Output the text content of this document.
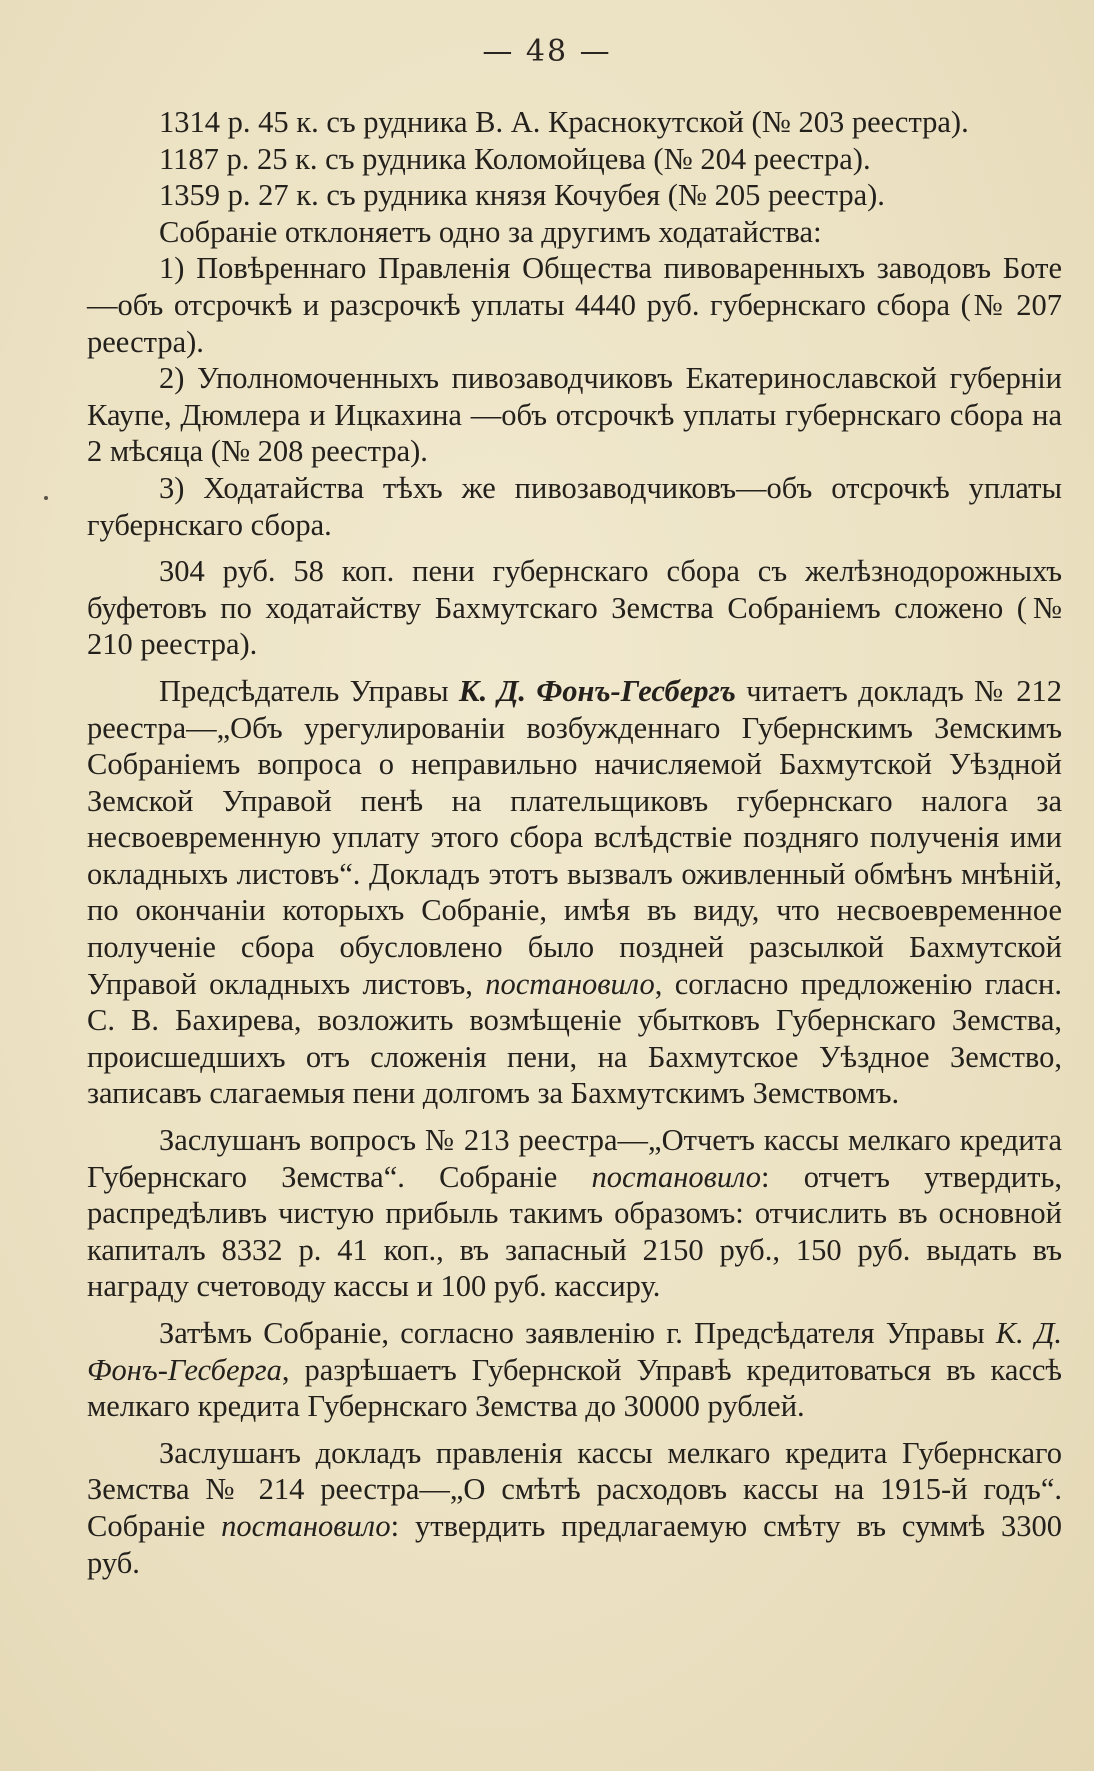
— 48 —

1314 р. 45 к. съ рудника В. А. Краснокутской (№ 203 реестра).

1187 р. 25 к. съ рудника Коломойцева (№ 204 реестра).

1359 р. 27 к. съ рудника князя Кочубея (№ 205 реестра).

Собраніе отклоняетъ одно за другимъ ходатайства:

1) Повѣреннаго Правленія Общества пивоваренныхъ заводовъ Боте—объ отсрочкѣ и разсрочкѣ уплаты 4440 руб. губернскаго сбора (№ 207 реестра).

2) Уполномоченныхъ пивозаводчиковъ Екатеринославской губерніи Каупе, Дюмлера и Ицкахина —объ отсрочкѣ уплаты губернскаго сбора на 2 мѣсяца (№ 208 реестра).

3) Ходатайства тѣхъ же пивозаводчиковъ—объ отсрочкѣ уплаты губернскаго сбора.

304 руб. 58 коп. пени губернскаго сбора съ желѣзнодорожныхъ буфетовъ по ходатайству Бахмутскаго Земства Собраніемъ сложено (№ 210 реестра).

Предсѣдатель Управы К. Д. Фонъ-Гесбергъ читаетъ докладъ № 212 реестра—„Объ урегулированіи возбужденнаго Губернскимъ Земскимъ Собраніемъ вопроса о неправильно начисляемой Бахмутской Уѣздной Земской Управой пенѣ на плательщиковъ губернскаго налога за несвоевременную уплату этого сбора вслѣдствіе поздняго полученія ими окладныхъ листовъ“. Докладъ этотъ вызвалъ оживленный обмѣнъ мнѣній, по окончаніи которыхъ Собраніе, имѣя въ виду, что несвоевременное полученіе сбора обусловлено было поздней разсылкой Бахмутской Управой окладныхъ листовъ, постановило, согласно предложенію гласн. С. В. Бахирева, возложить возмѣщеніе убытковъ Губернскаго Земства, происшедшихъ отъ сложенія пени, на Бахмутское Уѣздное Земство, записавъ слагаемыя пени долгомъ за Бахмутскимъ Земствомъ.

Заслушанъ вопросъ № 213 реестра—„Отчетъ кассы мелкаго кредита Губернскаго Земства“. Собраніе постановило: отчетъ утвердить, распредѣливъ чистую прибыль такимъ образомъ: отчислить въ основной капиталъ 8332 р. 41 коп., въ запасный 2150 руб., 150 руб. выдать въ награду счетоводу кассы и 100 руб. кассиру.

Затѣмъ Собраніе, согласно заявленію г. Предсѣдателя Управы К. Д. Фонъ-Гесберга, разрѣшаетъ Губернской Управѣ кредитоваться въ кассѣ мелкаго кредита Губернскаго Земства до 30000 рублей.

Заслушанъ докладъ правленія кассы мелкаго кредита Губернскаго Земства № 214 реестра—„О смѣтѣ расходовъ кассы на 1915-й годъ“. Собраніе постановило: утвердить предлагаемую смѣту въ суммѣ 3300 руб.
